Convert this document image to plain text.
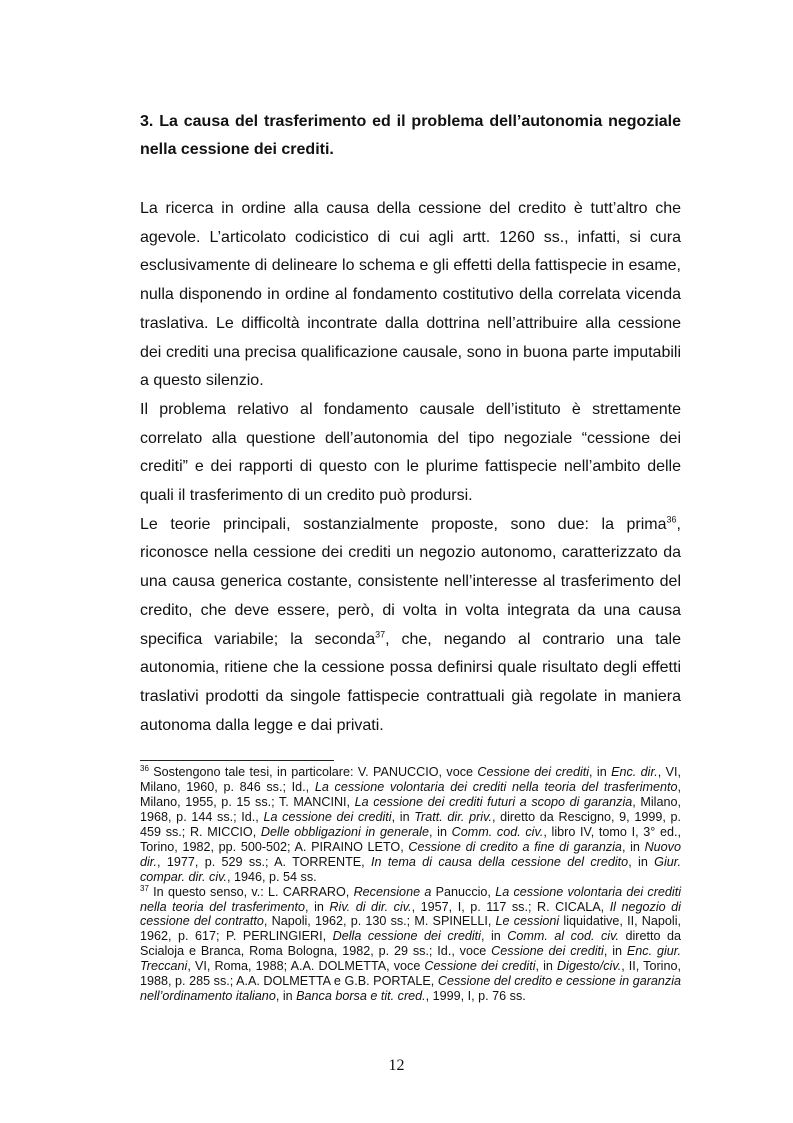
3. La causa del trasferimento ed il problema dell’autonomia negoziale nella cessione dei crediti.

La ricerca in ordine alla causa della cessione del credito è tutt’altro che agevole. L’articolato codicistico di cui agli artt. 1260 ss., infatti, si cura esclusivamente di delineare lo schema e gli effetti della fattispecie in esame, nulla disponendo in ordine al fondamento costitutivo della correlata vicenda traslativa. Le difficoltà incontrate dalla dottrina nell’attribuire alla cessione dei crediti una precisa qualificazione causale, sono in buona parte imputabili a questo silenzio.

Il problema relativo al fondamento causale dell’istituto è strettamente correlato alla questione dell’autonomia del tipo negoziale “cessione dei crediti” e dei rapporti di questo con le plurime fattispecie nell’ambito delle quali il trasferimento di un credito può prodursi.

Le teorie principali, sostanzialmente proposte, sono due: la prima$^{36}$, riconosce nella cessione dei crediti un negozio autonomo, caratterizzato da una causa generica costante, consistente nell’interesse al trasferimento del credito, che deve essere, però, di volta in volta integrata da una causa specifica variabile; la seconda$^{37}$, che, negando al contrario una tale autonomia, ritiene che la cessione possa definirsi quale risultato degli effetti traslativi prodotti da singole fattispecie contrattuali già regolate in maniera autonoma dalla legge e dai privati.

$^{36}$ Sostengono tale tesi, in particolare: V. PANUCCIO, voce Cessione dei crediti, in Enc. dir., VI, Milano, 1960, p. 846 ss.; Id., La cessione volontaria dei crediti nella teoria del trasferimento, Milano, 1955, p. 15 ss.; T. MANCINI, La cessione dei crediti futuri a scopo di garanzia, Milano, 1968, p. 144 ss.; Id., La cessione dei crediti, in Tratt. dir. priv., diretto da Rescigno, 9, 1999, p. 459 ss.; R. MICCIO, Delle obbligazioni in generale, in Comm. cod. civ., libro IV, tomo I, 3° ed., Torino, 1982, pp. 500-502; A. PIRAINO LETO, Cessione di credito a fine di garanzia, in Nuovo dir., 1977, p. 529 ss.; A. TORRENTE, In tema di causa della cessione del credito, in Giur. compar. dir. civ., 1946, p. 54 ss.

$^{37}$ In questo senso, v.: L. CARRARO, Recensione a Panuccio, La cessione volontaria dei crediti nella teoria del trasferimento, in Riv. di dir. civ., 1957, I, p. 117 ss.; R. CICALA, Il negozio di cessione del contratto, Napoli, 1962, p. 130 ss.; M. SPINELLI, Le cessioni liquidative, II, Napoli, 1962, p. 617; P. PERLINGIERI, Della cessione dei crediti, in Comm. al cod. civ. diretto da Scialoja e Branca, Roma Bologna, 1982, p. 29 ss.; Id., voce Cessione dei crediti, in Enc. giur. Treccani, VI, Roma, 1988; A.A. DOLMETTA, voce Cessione dei crediti, in Digesto/civ., II, Torino, 1988, p. 285 ss.; A.A. DOLMETTA e G.B. PORTALE, Cessione del credito e cessione in garanzia nell’ordinamento italiano, in Banca borsa e tit. cred., 1999, I, p. 76 ss.

12
